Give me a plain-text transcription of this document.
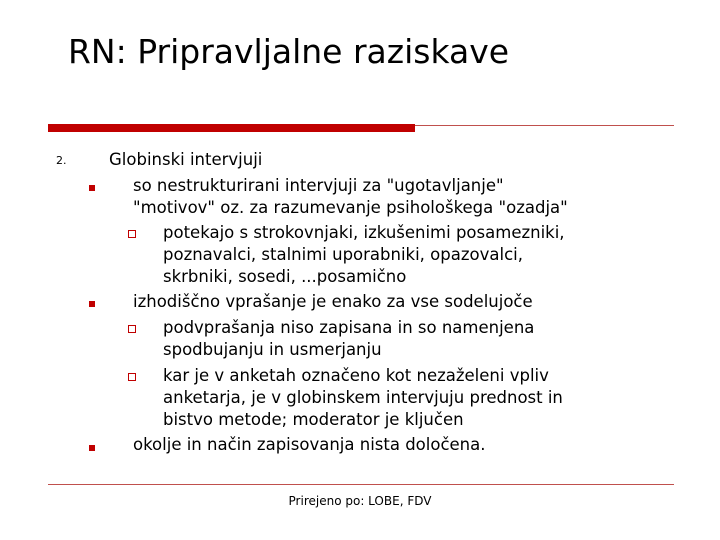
RN: Pripravljalne raziskave
2.	Globinski intervjuji
so nestrukturirani intervjuji za "ugotavljanje"
"motivov" oz. za razumevanje psihološkega "ozadja"
potekajo s strokovnjaki, izkušenimi posamezniki,
poznavalci, stalnimi uporabniki, opazovalci,
skrbniki, sosedi, ...posamično
izhodiščno vprašanje je enako za vse sodelujoče
podvprašanja niso zapisana in so namenjena
spodbujanju in usmerjanju
kar je v anketah označeno kot nezaželeni vpliv
anketarja, je v globinskem intervjuju prednost in
bistvo metode; moderator je ključen
okolje in način zapisovanja nista določena.
Prirejeno po: LOBE, FDV
